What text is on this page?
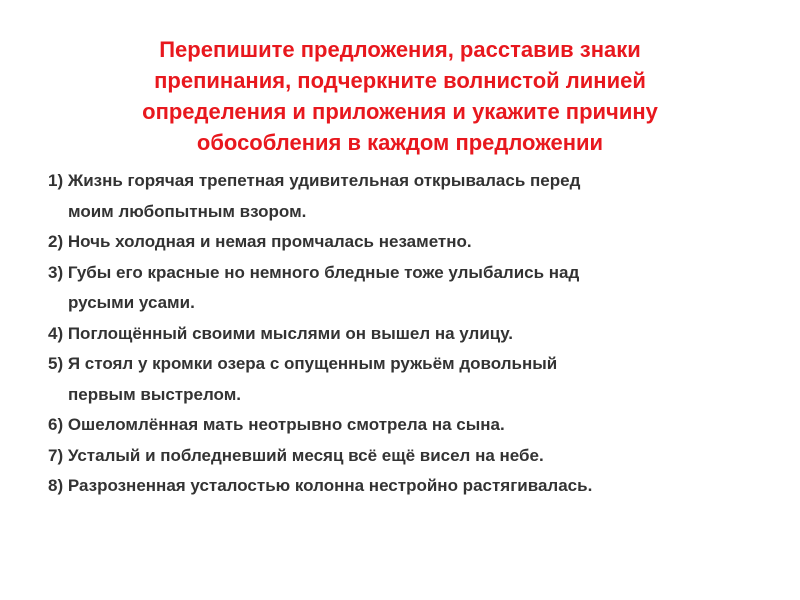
Перепишите предложения, расставив знаки
препинания, подчеркните волнистой линией
определения и приложения и укажите причину
обособления в каждом предложении
1) Жизнь горячая трепетная удивительная открывалась перед
моим любопытным взором.
2) Ночь холодная и немая промчалась незаметно.
3) Губы его красные но немного бледные тоже улыбались над
русыми усами.
4) Поглощённый своими мыслями он вышел на улицу.
5) Я стоял у кромки озера с опущенным ружьём довольный
первым выстрелом.
6) Ошеломлённая мать неотрывно смотрела на сына.
7) Усталый и побледневший месяц всё ещё висел на небе.
8) Разрозненная усталостью колонна нестройно растягивалась.
